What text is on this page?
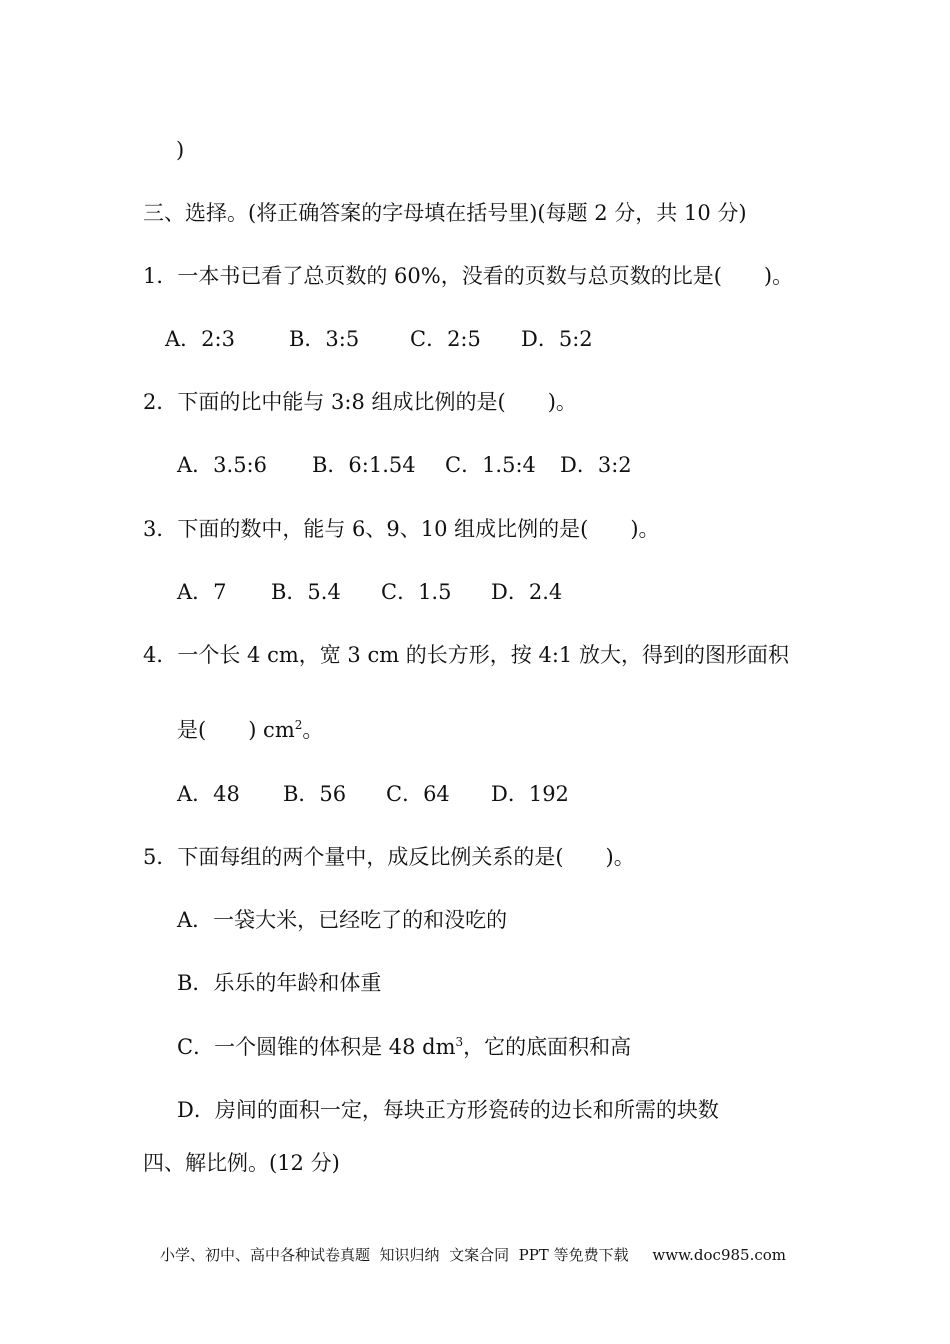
)
三、选择。(将正确答案的字母填在括号里)(每题 2 分，共 10 分)
1．一本书已看了总页数的 60%，没看的页数与总页数的比是(　　)。

A．2:3

	B．3:5

C．2:5

D．5:2

2．下面的比中能与 3:8 组成比例的是(　　)。

A．3.5:6

B．6:1.54

C．1.5:4

D．3:2

3．下面的数中，能与 6、9、10 组成比例的是(　　)。

A．7

B．5.4

C．1.5

D．2.4

4．一个长 4 cm，宽 3 cm 的长方形，按 4:1 放大，得到的图形面积
是(　　) $cm^2$。

A．48

B．56

C．64

D．192

5．下面每组的两个量中，成反比例关系的是(　　)。
A．一袋大米，已经吃了的和没吃的
B．乐乐的年龄和体重
C．一个圆锥的体积是 48 $dm^3$，它的底面积和高
D．房间的面积一定，每块正方形瓷砖的边长和所需的块数
四、解比例。(12 分)
小学、初中、高中各种试卷真题  知识归纳  文案合同  PPT 等免费下载     www.doc985.com
